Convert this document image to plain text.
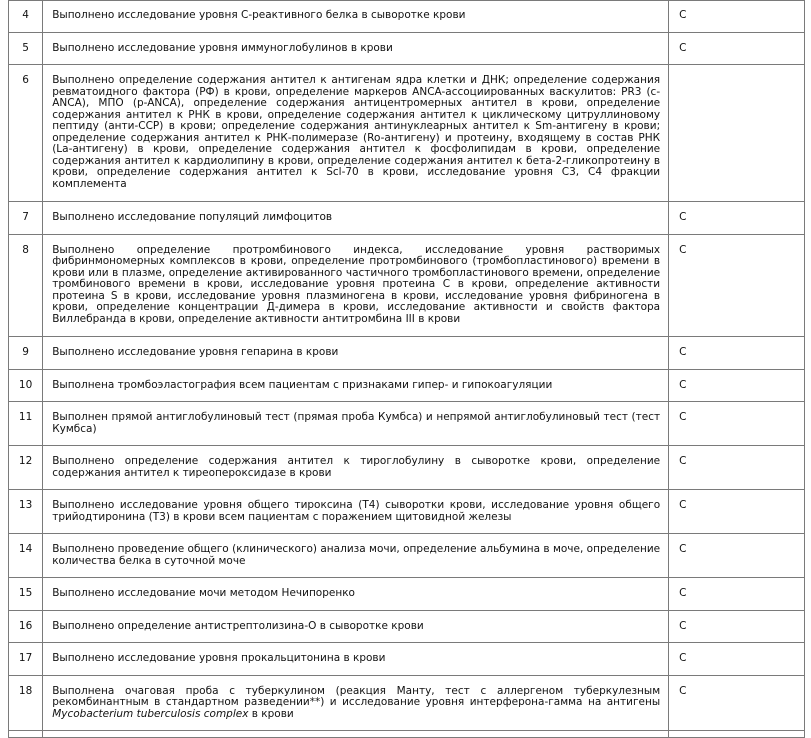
4	Выполнено исследование уровня С-реактивного белка в сыворотке крови	С
5	Выполнено исследование уровня иммуноглобулинов в крови	С
6	Выполнено определение содержания антител к антигенам ядра клетки и ДНК; определение содержания ревматоидного фактора (РФ) в крови, определение маркеров ANCA-ассоциированных васкулитов: PR3 (c-ANCA), МПО (p-ANCA), определение содержания антицентромерных антител в крови, определение содержания антител к РНК в крови, определение содержания антител к циклическому цитруллиновому пептиду (анти-CCP) в крови; определение содержания антинуклеарных антител к Sm-антигену в крови; определение содержания антител к РНК-полимеразе (Ro-антигену) и протеину, входящему в состав РНК (La-антигену) в крови, определение содержания антител к фосфолипидам в крови, определение содержания антител к кардиолипину в крови, определение содержания антител к бета-2-гликопротеину в крови, определение содержания антител к Scl-70 в крови, исследование уровня С3, С4 фракции комплемента	
7	Выполнено исследование популяций лимфоцитов	С
8	Выполнено определение протромбинового индекса, исследование уровня растворимых фибринмономерных комплексов в крови, определение протромбинового (тромбопластинового) времени в крови или в плазме, определение активированного частичного тромбопластинового времени, определение тромбинового времени в крови, исследование уровня протеина С в крови, определение активности протеина S в крови, исследование уровня плазминогена в крови, исследование уровня фибриногена в крови, определение концентрации Д-димера в крови, исследование активности и свойств фактора Виллебранда в крови, определение активности антитромбина III в крови	С
9	Выполнено исследование уровня гепарина в крови	С
10	Выполнена тромбоэластография всем пациентам с признаками гипер- и гипокоагуляции	С
11	Выполнен прямой антиглобулиновый тест (прямая проба Кумбса) и непрямой антиглобулиновый тест (тест Кумбса)	С
12	Выполнено определение содержания антител к тироглобулину в сыворотке крови, определение содержания антител к тиреопероксидазе в крови	С
13	Выполнено исследование уровня общего тироксина (Т4) сыворотки крови, исследование уровня общего трийодтиронина (Т3) в крови всем пациентам с поражением щитовидной железы	С
14	Выполнено проведение общего (клинического) анализа мочи, определение альбумина в моче, определение количества белка в суточной моче	С
15	Выполнено исследование мочи методом Нечипоренко	С
16	Выполнено определение антистрептолизина-О в сыворотке крови	С
17	Выполнено исследование уровня прокальцитонина в крови	С
18	Выполнена очаговая проба с туберкулином (реакция Манту, тест с аллергеном туберкулезным рекомбинантным в стандартном разведении**) и исследование уровня интерферона-гамма на антигены Mycobacterium tuberculosis complex в крови	С
